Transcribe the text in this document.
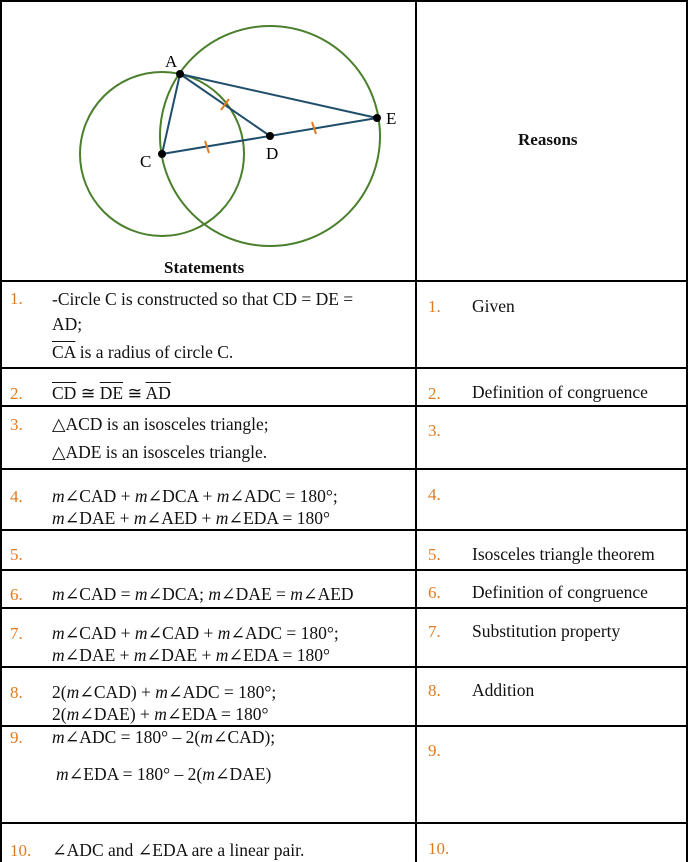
A
C	D
E
Statements
Reasons
1. -Circle C is constructed so that CD = DE =
AD;
$\overline{CA}$ is a radius of circle C.
1. Given
2. $\overline{CD}$ ≅ $\overline{DE}$ ≅ $\overline{AD}$	2. Definition of congruence
3. △ACD is an isosceles triangle;
△ADE is an isosceles triangle.
3.
4. m∠CAD + m∠DCA + m∠ADC = 180°;
m∠DAE + m∠AED + m∠EDA = 180°
4.
5.	5. Isosceles triangle theorem
6. m∠CAD = m∠DCA; m∠DAE = m∠AED	6. Definition of congruence
7. m∠CAD + m∠CAD + m∠ADC = 180°;
m∠DAE + m∠DAE + m∠EDA = 180°
7. Substitution property
8. 2(m∠CAD) + m∠ADC = 180°;
2(m∠DAE) + m∠EDA = 180°
8. Addition
9. m∠ADC = 180° – 2(m∠CAD);
m∠EDA = 180° – 2(m∠DAE)
9.
10. ∠ADC and ∠EDA are a linear pair.	10.
